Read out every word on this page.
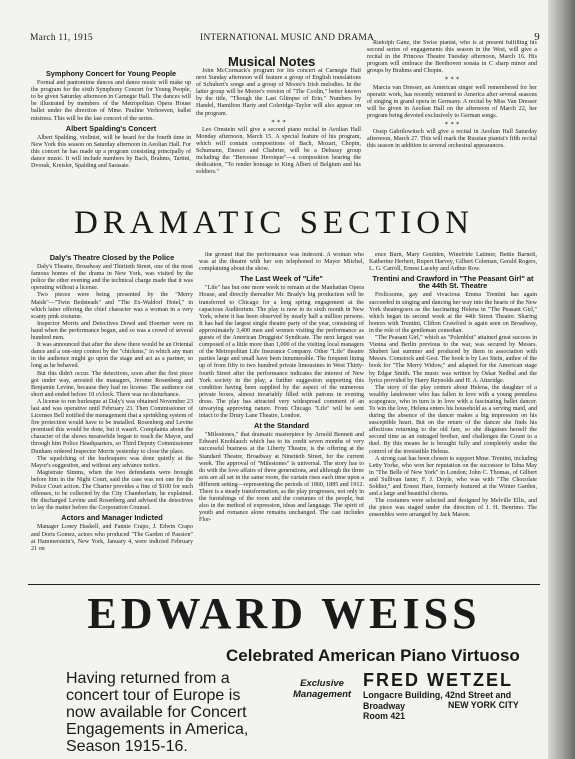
March 11, 1915	INTERNATIONAL MUSIC AND DRAMA	9
Musical Notes
Symphony Concert for Young People

Formal and pantomime dances and dance music will make up the program for the sixth Symphony Concert for Young People, to be given Saturday afternoon in Carnegie Hall. The dances will be illustrated by members of the Metropolitan Opera House ballet under the direction of Mme. Pauline Verhoeven, ballet mistress. This will be the last concert of the series.

Albert Spalding's Concert

Albert Spalding, violinist, will be heard for the fourth time in New York this season on Saturday afternoon in Aeolian Hall. For this concert he has made up a program consisting principally of dance music. It will include numbers by Bach, Brahms, Tartini, Dvorak, Kreisler, Spalding and Sarasate.

John McCormack's program for his concert at Carnegie Hall next Sunday afternoon will feature a group of English translations of Schubert's songs and a group of Moore's Irish melodies. In the latter group will be Moore's version of "The Coolin," better known by the title, "Though the Last Glimpse of Erin." Numbers by Handel, Hamilton Harty and Coleridge-Taylor will also appear on the program.

∗ ∗ ∗

Leo Ornstein will give a second piano recital in Aeolian Hall Monday afternoon, March 15. A special feature of his program, which will contain compositions of Bach, Mozart, Chopin, Schumann, Enesco and Chabrier, will be a Debussy group including the "Berceuse Heroique"—a composition bearing the dedication, "To render homage to King Albert of Belgium and his soldiers."

Rudolph Ganz, the Swiss pianist, who is at present fulfilling his second series of engagements this season in the West, will give a recital in the Princess Theatre Tuesday afternoon, March 16. His program will embrace the Beethoven sonata in C sharp minor and groups by Brahms and Chopin.

∗ ∗ ∗

Marcia van Dresser, an American singer well remembered for her operatic work, has recently returned to America after several seasons of singing in grand opera in Germany. A recital by Miss Van Dresser will be given in Aeolian Hall on the afternoon of March 22, her program being devoted exclusively to German songs.

∗ ∗ ∗

Ossip Gabrilowitsch will give a recital in Aeolian Hall Saturday afternoon, March 27. This will mark the Russian pianist's fifth recital this season in addition to several orchestral appearances.

DRAMATIC SECTION
Daly's Theatre Closed by the Police

Daly's Theatre, Broadway and Thirtieth Street, one of the most famous homes of the drama in New York, was visited by the police the other evening and the technical charge made that it was operating without a license.

Two pieces were being presented by the "Merry Maids"—"Twin Bedsteads" and "The Ex-Waldorf Hotel," in which latter offering the chief character was a woman in a very scanty pink costume.

Inspector Morris and Detectives Dowd and Hoertser were on hand when the performance began, and so was a crowd of several hundred men.

It was announced that after the show there would be an Oriental dance and a one-step contest by the "chickens," in which any man in the audience might go upon the stage and act as a partner, so long as he behaved.

But this didn't occur. The detectives, soon after the first piece got under way, arrested the managers, Jerome Rosenberg and Benjamin Levine, because they had no license. The audience cut short and ended before 10 o'clock. There was no disturbance.

A license to run burlesque at Daly's was obtained November 23 last and was operative until February 23. Then Commissioner of Licenses Bell notified the management that a sprinkling system of fire protection would have to be installed. Rosenberg and Levine promised this would be done, but it wasn't. Complaints about the character of the shows meanwhile began to reach the Mayor, and through him Police Headquarters, so Third Deputy Commissioner Dunham ordered Inspector Morris yesterday to close the place.

The squelching of the burlesquers was done quietly at the Mayor's suggestion, and without any advance notice.

Magistrate Simms, when the two defendants were brought before him in the Night Court, said the case was not one for the Police Court action. The Charter provides a fine of $100 for such offenses, to be collected by the City Chamberlain, he explained. He discharged Levine and Rosenberg and advised the detectives to lay the matter before the Corporation Counsel.

Actors and Manager Indicted

Manager Loney Haskell, and Fannie Crapo, J. Edwin Crapo and Doris Gomez, actors who produced "The Garden of Passion" at Hammerstein's, New York, January 4, were indicted February 21 on

the ground that the performance was indecent. A woman who was at the theatre with her son telephoned to Mayor Mitchel, complaining about the show.

The Last Week of "Life"

"Life" has but one more week to remain at the Manhattan Opera House, and directly thereafter Mr. Brady's big production will be transferred to Chicago for a long spring engagement at the capacious Auditorium. The play is now in its sixth month in New York, where it has been observed by nearly half a million persons. It has had the largest single theatre party of the year, consisting of approximately 3,400 men and women visiting the performance as guests of the American Druggists' Syndicate. The next largest was composed of a little more than 1,000 of the visiting local managers of the Metropolitan Life Insurance Company. Other "Life" theatre parties large and small have been innumerable. The frequent lining up of from fifty to two hundred private limousines in West Thirty-fourth Street after the performance indicates the interest of New York society in the play, a further suggestion supporting this condition having been supplied by the aspect of the numerous private boxes, almost invariably filled with patrons in evening dress. The play has attracted very widespread comment of an unvarying approving nature. From Chicago "Life" will be sent intact to the Drury Lane Theatre, London.

At the Standard

"Milestones," that dramatic masterpiece by Arnold Bennett and Edward Knoblauch which has to its credit seven months of very successful business at the Liberty Theatre, is the offering at the Standard Theatre, Broadway at Ninetieth Street, for the current week. The approval of "Milestones" is universal. The story has to do with the love affairs of three generations, and although the three acts are all set in the same room, the curtain rises each time upon a different setting—representing the periods of 1860, 1885 and 1912. There is a steady transformation, as the play progresses, not only in the furnishings of the room and the costumes of the people, but also in the method of expression, ideas and language. The spirit of youth and romance alone remains unchanged. The cast includes Flor-

ence Burn, Mary Goulden, Winefride Latimer, Bettie Barnell, Katherine Herbert, Rupert Harvey, Gilbert Coleman, Gerald Rogers, L. G. Carroll, Ernest Lacehy and Arthur Row.

Trentini and Crawford in "The Peasant Girl" at the 44th St. Theatre

Frolicsome, gay and vivacious Emma Trentini has again succeeded in singing and dancing her way into the hearts of the New York theatregoers as the fascinating Helena in "The Peasant Girl," which began its second week at the 44th Street Theatre. Sharing honors with Trentini, Clifton Crawford is again seen on Broadway, in the role of the gentleman comedian.

"The Peasant Girl," which as "Polenblut" attained great success in Vienna and Berlin previous to the war, was secured by Messrs. Shubert last summer and produced by them in association with Messrs. Comstock and Gest. The book is by Leo Stein, author of the book for "The Merry Widow," and adapted for the American stage by Edgar Smith. The music was written by Oskar Nedbal and the lyrics provided by Harry Reynolds and H. A. Atteridge.

The story of the play centers about Helena, the daughter of a wealthy landowner who has fallen in love with a young penniless scapegrace, who in turn is in love with a fascinating ballet dancer. To win the love, Helena enters his household as a serving maid, and during the absence of the dancer makes a big impression on his susceptible heart. But on the return of the dancer she finds his affections returning to the old fare, so she disguises herself the second time as an outraged brother, and challenges the Count to a duel. By this means he is brought fully and completely under the control of the irresistible Helena.

A strong cast has been chosen to support Mme. Trentini, including Letty Yorke, who won her reputation on the successor to Edna May in "The Belle of New York" in London; John C. Thomas, of Gilbert and Sullivan fame; F. J. Doyle, who was with "The Chocolate Soldier," and Ernest Hare, formerly featured at the Winter Garden, and a large and beautiful chorus.

The costumes were selected and designed by Melville Ellis, and the piece was staged under the direction of J. H. Benrimo. The ensembles were arranged by Jack Mason.

EDWARD WEISS
Celebrated American Piano Virtuoso
Having returned from a concert tour of Europe is now available for Concert Engagements in America, Season 1915-16.
Exclusive
Management
FRED WETZEL
Longacre Building, 42nd Street and Broadway
Room 421
NEW YORK CITY
